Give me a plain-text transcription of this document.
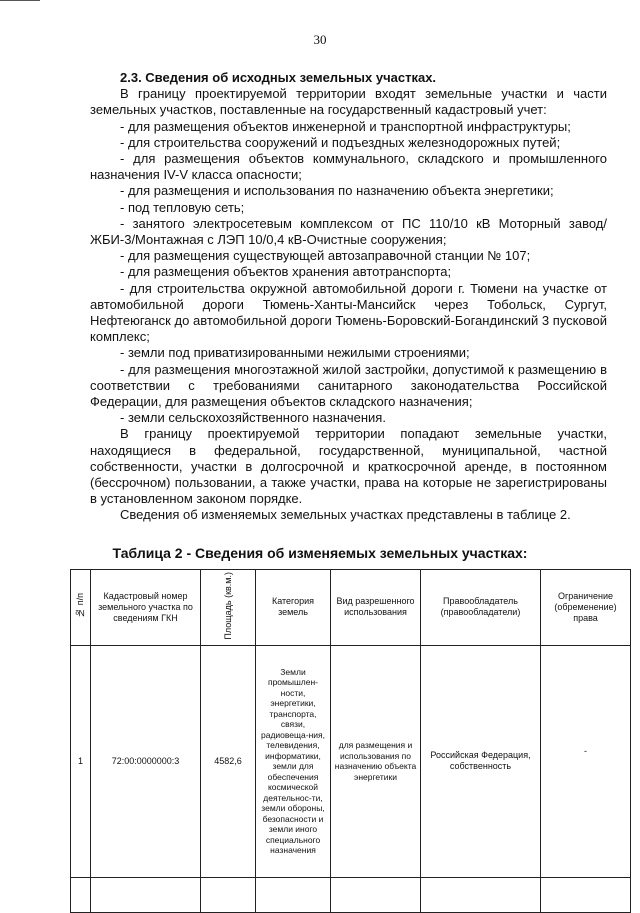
30

2.3. Сведения об исходных земельных участках.

В границу проектируемой территории входят земельные участки и части земельных участков, поставленные на государственный кадастровый учет:

- для размещения объектов инженерной и транспортной инфраструктуры;

- для строительства сооружений и подъездных железнодорожных путей;

- для размещения объектов коммунального, складского и промышленного назначения IV-V класса опасности;

- для размещения и использования по назначению объекта энергетики;

- под тепловую сеть;

- занятого электросетевым комплексом от ПС 110/10 кВ Моторный завод/ЖБИ-3/Монтажная с ЛЭП 10/0,4 кВ-Очистные сооружения;

- для размещения существующей автозаправочной станции № 107;

- для размещения объектов хранения автотранспорта;

- для строительства окружной автомобильной дороги г. Тюмени на участке от автомобильной дороги Тюмень-Ханты-Мансийск через Тобольск, Сургут, Нефтеюганск до автомобильной дороги Тюмень-Боровский-Богандинский 3 пусковой комплекс;

- земли под приватизированными нежилыми строениями;

- для размещения многоэтажной жилой застройки, допустимой к размещению в соответствии с требованиями санитарного законодательства Российской Федерации, для размещения объектов складского назначения;

- земли сельскохозяйственного назначения.

В границу проектируемой территории попадают земельные участки, находящиеся в федеральной, государственной, муниципальной, частной собственности, участки в долгосрочной и краткосрочной аренде, в постоянном (бессрочном) пользовании, а также участки, права на которые не зарегистрированы в установленном законом порядке.

Сведения об изменяемых земельных участках представлены в таблице 2.

Таблица 2 - Сведения об изменяемых земельных участках:
№ п/п	Кадастровый номер земельного участка по сведениям ГКН	Площадь (кв.м.)	Категория земель	Вид разрешенного использования	Правообладатель (правообладатели)	Ограничение (обременение) права
1	72:00:0000000:3	4582,6	Земли промышлен-ности, энергетики, транспорта, связи, радиовеща-ния, телевидения, информатики, земли для обеспечения космической деятельнос-ти, земли обороны, безопасности и земли иного специального назначения	для размещения и использования по назначению объекта энергетики	Российская Федерация, собственность	-
